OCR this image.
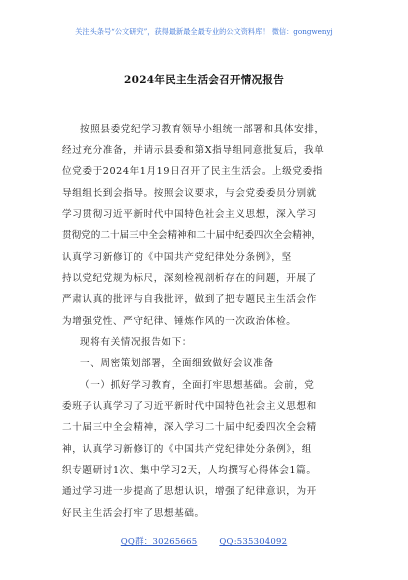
关注头条号“公文研究”，获得最新最全最专业的公文资料库！ 微信：gongwenyj
2024年民主生活会召开情况报告
按照县委党纪学习教育领导小组统一部署和具体安排，
经过充分准备，并请示县委和第X指导组同意批复后，我单
位党委于2024年1月19日召开了民主生活会。上级党委指
导组组长到会指导。按照会议要求，与会党委委员分别就
学习贯彻习近平新时代中国特色社会主义思想，深入学习
贯彻党的二十届三中全会精神和二十届中纪委四次全会精神，
认真学习新修订的《中国共产党纪律处分条例》，坚
持以党纪党规为标尺，深刻检视剖析存在的问题，开展了
严肃认真的批评与自我批评，做到了把专题民主生活会作
为增强党性、严守纪律、锤炼作风的一次政治体检。
现将有关情况报告如下：
一、周密策划部署，全面细致做好会议准备
（一）抓好学习教育，全面打牢思想基础。会前，党
委班子认真学习了习近平新时代中国特色社会主义思想和
二十届三中全会精神，深入学习二十届中纪委四次全会精
神，认真学习新修订的《中国共产党纪律处分条例》，组
织专题研讨1次、集中学习2天，人均撰写心得体会1篇。
通过学习进一步提高了思想认识，增强了纪律意识，为开
好民主生活会打牢了思想基础。
QQ群：30265665	QQ:535304092
